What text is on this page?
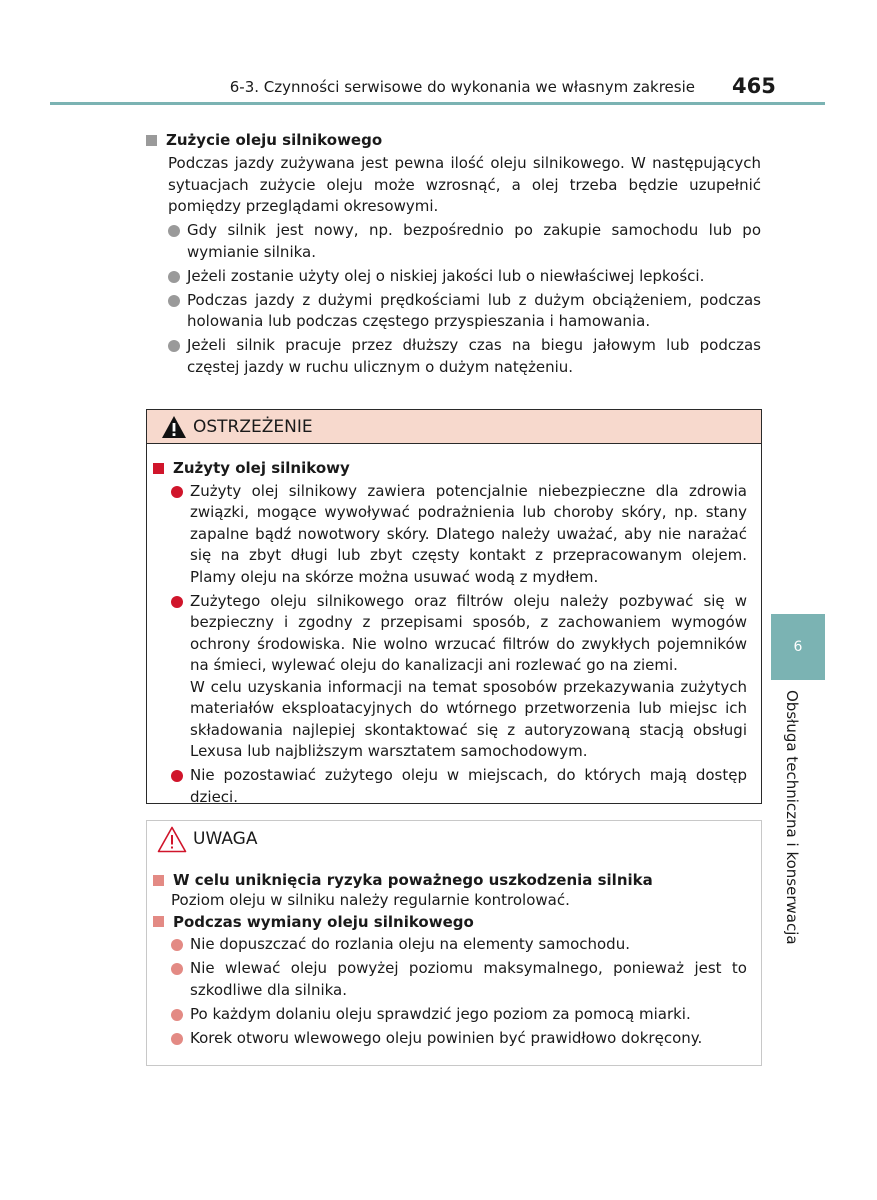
6-3. Czynności serwisowe do wykonania we własnym zakresie 465
Zużycie oleju silnikowego
Podczas jazdy zużywana jest pewna ilość oleju silnikowego. W następujących sytuacjach zużycie oleju może wzrosnąć, a olej trzeba będzie uzupełnić pomiędzy przeglądami okresowymi.
Gdy silnik jest nowy, np. bezpośrednio po zakupie samochodu lub po wymianie silnika.
Jeżeli zostanie użyty olej o niskiej jakości lub o niewłaściwej lepkości.
Podczas jazdy z dużymi prędkościami lub z dużym obciążeniem, podczas holowania lub podczas częstego przyspieszania i hamowania.
Jeżeli silnik pracuje przez dłuższy czas na biegu jałowym lub podczas częstej jazdy w ruchu ulicznym o dużym natężeniu.
OSTRZEŻENIE
Zużyty olej silnikowy
Zużyty olej silnikowy zawiera potencjalnie niebezpieczne dla zdrowia związki, mogące wywoływać podrażnienia lub choroby skóry, np. stany zapalne bądź nowotwory skóry. Dlatego należy uważać, aby nie narażać się na zbyt długi lub zbyt częsty kontakt z przepracowanym olejem. Plamy oleju na skórze można usuwać wodą z mydłem.
Zużytego oleju silnikowego oraz filtrów oleju należy pozbywać się w bezpieczny i zgodny z przepisami sposób, z zachowaniem wymogów ochrony środowiska. Nie wolno wrzucać filtrów do zwykłych pojemników na śmieci, wylewać oleju do kanalizacji ani rozlewać go na ziemi.
W celu uzyskania informacji na temat sposobów przekazywania zużytych materiałów eksploatacyjnych do wtórnego przetworzenia lub miejsc ich składowania najlepiej skontaktować się z autoryzowaną stacją obsługi Lexusa lub najbliższym warsztatem samochodowym.
Nie pozostawiać zużytego oleju w miejscach, do których mają dostęp dzieci.
UWAGA
W celu uniknięcia ryzyka poważnego uszkodzenia silnika
Poziom oleju w silniku należy regularnie kontrolować.
Podczas wymiany oleju silnikowego
Nie dopuszczać do rozlania oleju na elementy samochodu.
Nie wlewać oleju powyżej poziomu maksymalnego, ponieważ jest to szkodliwe dla silnika.
Po każdym dolaniu oleju sprawdzić jego poziom za pomocą miarki.
Korek otworu wlewowego oleju powinien być prawidłowo dokręcony.
6
Obsługa techniczna i konserwacja
